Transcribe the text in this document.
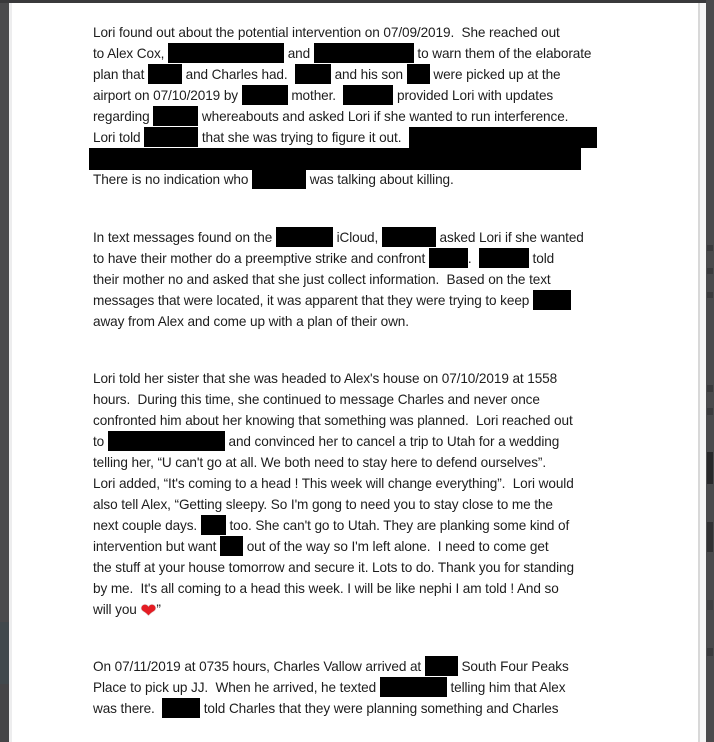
Lori found out about the potential intervention on 07/09/2019.  She reached out
to Alex Cox,	and	to warn them of the elaborate
plan that	and Charles had.	and his son  were picked up at the
airport on 07/10/2019 by	mother.	provided Lori with updates
regarding	whereabouts and asked Lori if she wanted to run interference.
Lori told	that she was trying to figure it out.
There is no indication who	was talking about killing.
In text messages found on the	iCloud,	asked Lori if she wanted
to have their mother do a preemptive strike and confront	.	told
their mother no and asked that she just collect information.  Based on the text
messages that were located, it was apparent that they were trying to keep
away from Alex and come up with a plan of their own.
Lori told her sister that she was headed to Alex's house on 07/10/2019 at 1558
hours.  During this time, she continued to message Charles and never once
confronted him about her knowing that something was planned.  Lori reached out
to	and convinced her to cancel a trip to Utah for a wedding
telling her, “U can't go at all. We both need to stay here to defend ourselves”.
Lori added, “It's coming to a head ! This week will change everything”.  Lori would
also tell Alex, “Getting sleepy. So I'm gong to need you to stay close to me the
next couple days.  too. She can't go to Utah. They are planking some kind of
intervention but want  out of the way so I'm left alone.  I need to come get
the stuff at your house tomorrow and secure it. Lots to do. Thank you for standing
by me.  It's all coming to a head this week. I will be like nephi I am told ! And so
will you ❤”
On 07/11/2019 at 0735 hours, Charles Vallow arrived at  South Four Peaks
Place to pick up JJ.  When he arrived, he texted	telling him that Alex
was there.	told Charles that they were planning something and Charles
